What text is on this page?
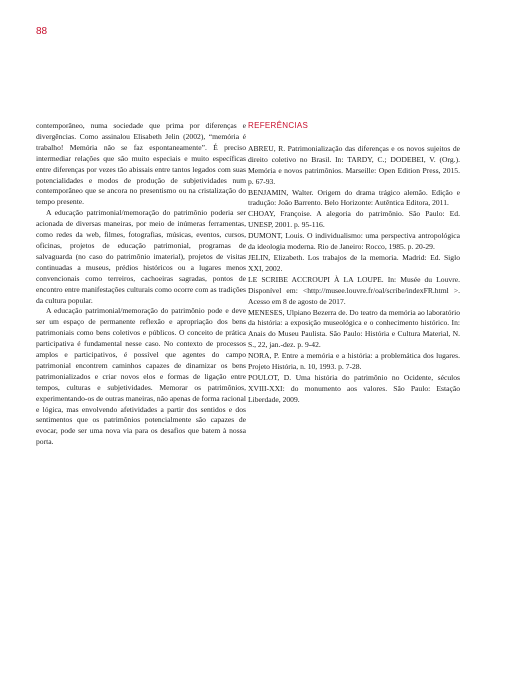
88

contemporâneo, numa sociedade que prima por diferenças e divergências. Como assinalou Elisabeth Jelin (2002), “memória é trabalho! Memória não se faz espontaneamente”. É preciso intermediar relações que são muito especiais e muito específicas entre diferenças por vezes tão abissais entre tantos legados com suas potencialidades e modos de produção de subjetividades num contemporâneo que se ancora no presentismo ou na cristalização do tempo presente.

A educação patrimonial/memoração do patrimônio poderia ser acionada de diversas maneiras, por meio de inúmeras ferramentas, como redes da web, filmes, fotografias, músicas, eventos, cursos, oficinas, projetos de educação patrimonial, programas de salvaguarda (no caso do patrimônio imaterial), projetos de visitas continuadas a museus, prédios históricos ou a lugares menos convencionais como terreiros, cachoeiras sagradas, pontos de encontro entre manifestações culturais como ocorre com as tradições da cultura popular.

A educação patrimonial/memoração do patrimônio pode e deve ser um espaço de permanente reflexão e apropriação dos bens patrimoniais como bens coletivos e públicos. O conceito de prática participativa é fundamental nesse caso. No contexto de processos amplos e participativos, é possível que agentes do campo patrimonial encontrem caminhos capazes de dinamizar os bens patrimonializados e criar novos elos e formas de ligação entre tempos, culturas e subjetividades. Memorar os patrimônios, experimentando-os de outras maneiras, não apenas de forma racional e lógica, mas envolvendo afetividades a partir dos sentidos e dos sentimentos que os patrimônios potencialmente são capazes de evocar, pode ser uma nova via para os desafios que batem à nossa porta.

REFERÊNCIAS

ABREU, R. Patrimonialização das diferenças e os novos sujeitos de direito coletivo no Brasil. In: TARDY, C.; DODEBEI, V. (Org.). Memória e novos patrimônios. Marseille: Open Edition Press, 2015. p. 67-93.

BENJAMIN, Walter. Origem do drama trágico alemão. Edição e tradução: João Barrento. Belo Horizonte: Autêntica Editora, 2011.

CHOAY, Françoise. A alegoria do patrimônio. São Paulo: Ed. UNESP, 2001. p. 95-116.

DUMONT, Louis. O individualismo: uma perspectiva antropológica da ideologia moderna. Rio de Janeiro: Rocco, 1985. p. 20-29.

JELIN, Elizabeth. Los trabajos de la memoria. Madrid: Ed. Siglo XXI, 2002.

LE SCRIBE ACCROUPI À LA LOUPE. In: Musée du Louvre. Disponível em: <http://musee.louvre.fr/oal/scribe/indexFR.html >. Acesso em 8 de agosto de 2017.

MENESES, Ulpiano Bezerra de. Do teatro da memória ao laboratório da história: a exposição museológica e o conhecimento histórico. In: Anais do Museu Paulista. São Paulo: História e Cultura Material, N. S., 22, jan.-dez. p. 9-42.

NORA, P. Entre a memória e a história: a problemática dos lugares. Projeto História, n. 10, 1993. p. 7-28.

POULOT, D. Uma história do patrimônio no Ocidente, séculos XVIII-XXI: do monumento aos valores. São Paulo: Estação Liberdade, 2009.
